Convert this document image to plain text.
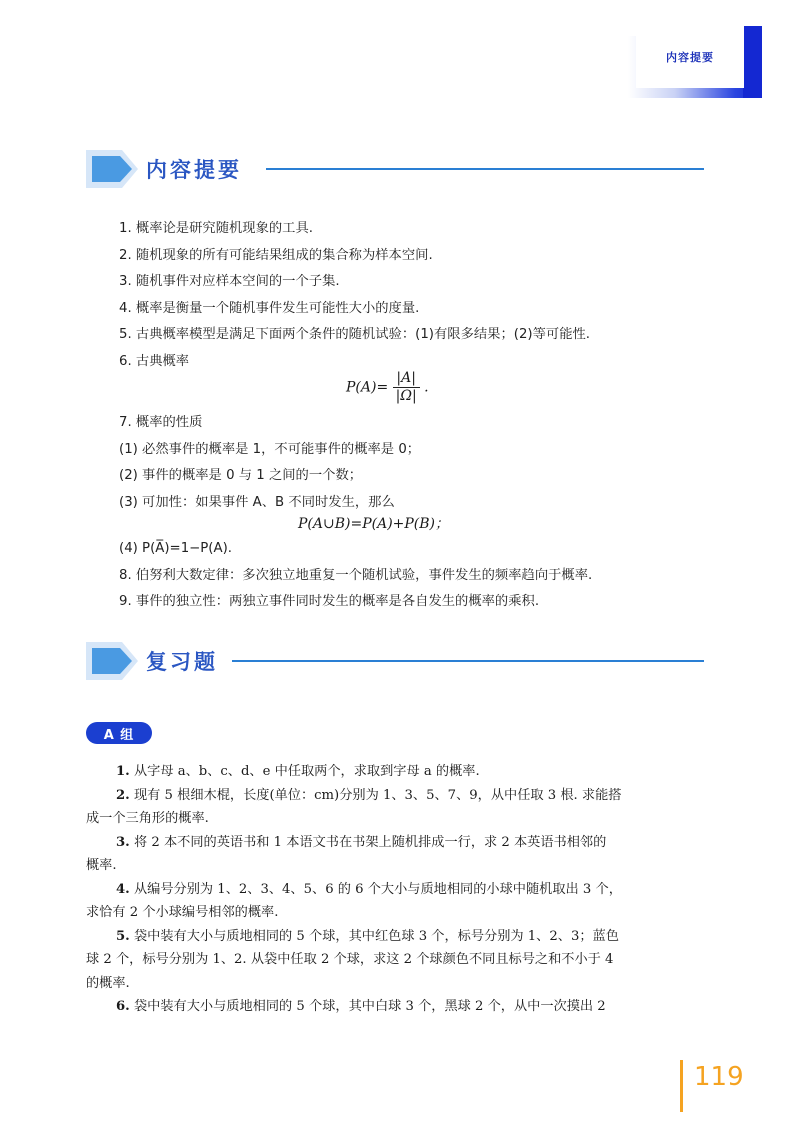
内容提要
内容提要
1. 概率论是研究随机现象的工具.
2. 随机现象的所有可能结果组成的集合称为样本空间.
3. 随机事件对应样本空间的一个子集.
4. 概率是衡量一个随机事件发生可能性大小的度量.
5. 古典概率模型是满足下面两个条件的随机试验：(1)有限多结果；(2)等可能性.
6. 古典概率
$P(A)= \frac{|A|}{|\Omega|}$ .
7. 概率的性质
(1) 必然事件的概率是 1，不可能事件的概率是 0；
(2) 事件的概率是 0 与 1 之间的一个数；
(3) 可加性：如果事件 A、B 不同时发生，那么
P(A∪B)=P(A)+P(B)；
(4) P(A̅)=1−P(A).
8. 伯努利大数定律：多次独立地重复一个随机试验，事件发生的频率趋向于概率.
9. 事件的独立性：两独立事件同时发生的概率是各自发生的概率的乘积.
复习题
A 组
1. 从字母 a、b、c、d、e 中任取两个，求取到字母 a 的概率.
2. 现有 5 根细木棍，长度(单位：cm)分别为 1、3、5、7、9，从中任取 3 根. 求能搭
成一个三角形的概率.
3. 将 2 本不同的英语书和 1 本语文书在书架上随机排成一行，求 2 本英语书相邻的
概率.
4. 从编号分别为 1、2、3、4、5、6 的 6 个大小与质地相同的小球中随机取出 3 个，
求恰有 2 个小球编号相邻的概率.
5. 袋中装有大小与质地相同的 5 个球，其中红色球 3 个，标号分别为 1、2、3；蓝色
球 2 个，标号分别为 1、2. 从袋中任取 2 个球，求这 2 个球颜色不同且标号之和不小于 4
的概率.
6. 袋中装有大小与质地相同的 5 个球，其中白球 3 个，黑球 2 个，从中一次摸出 2
119
